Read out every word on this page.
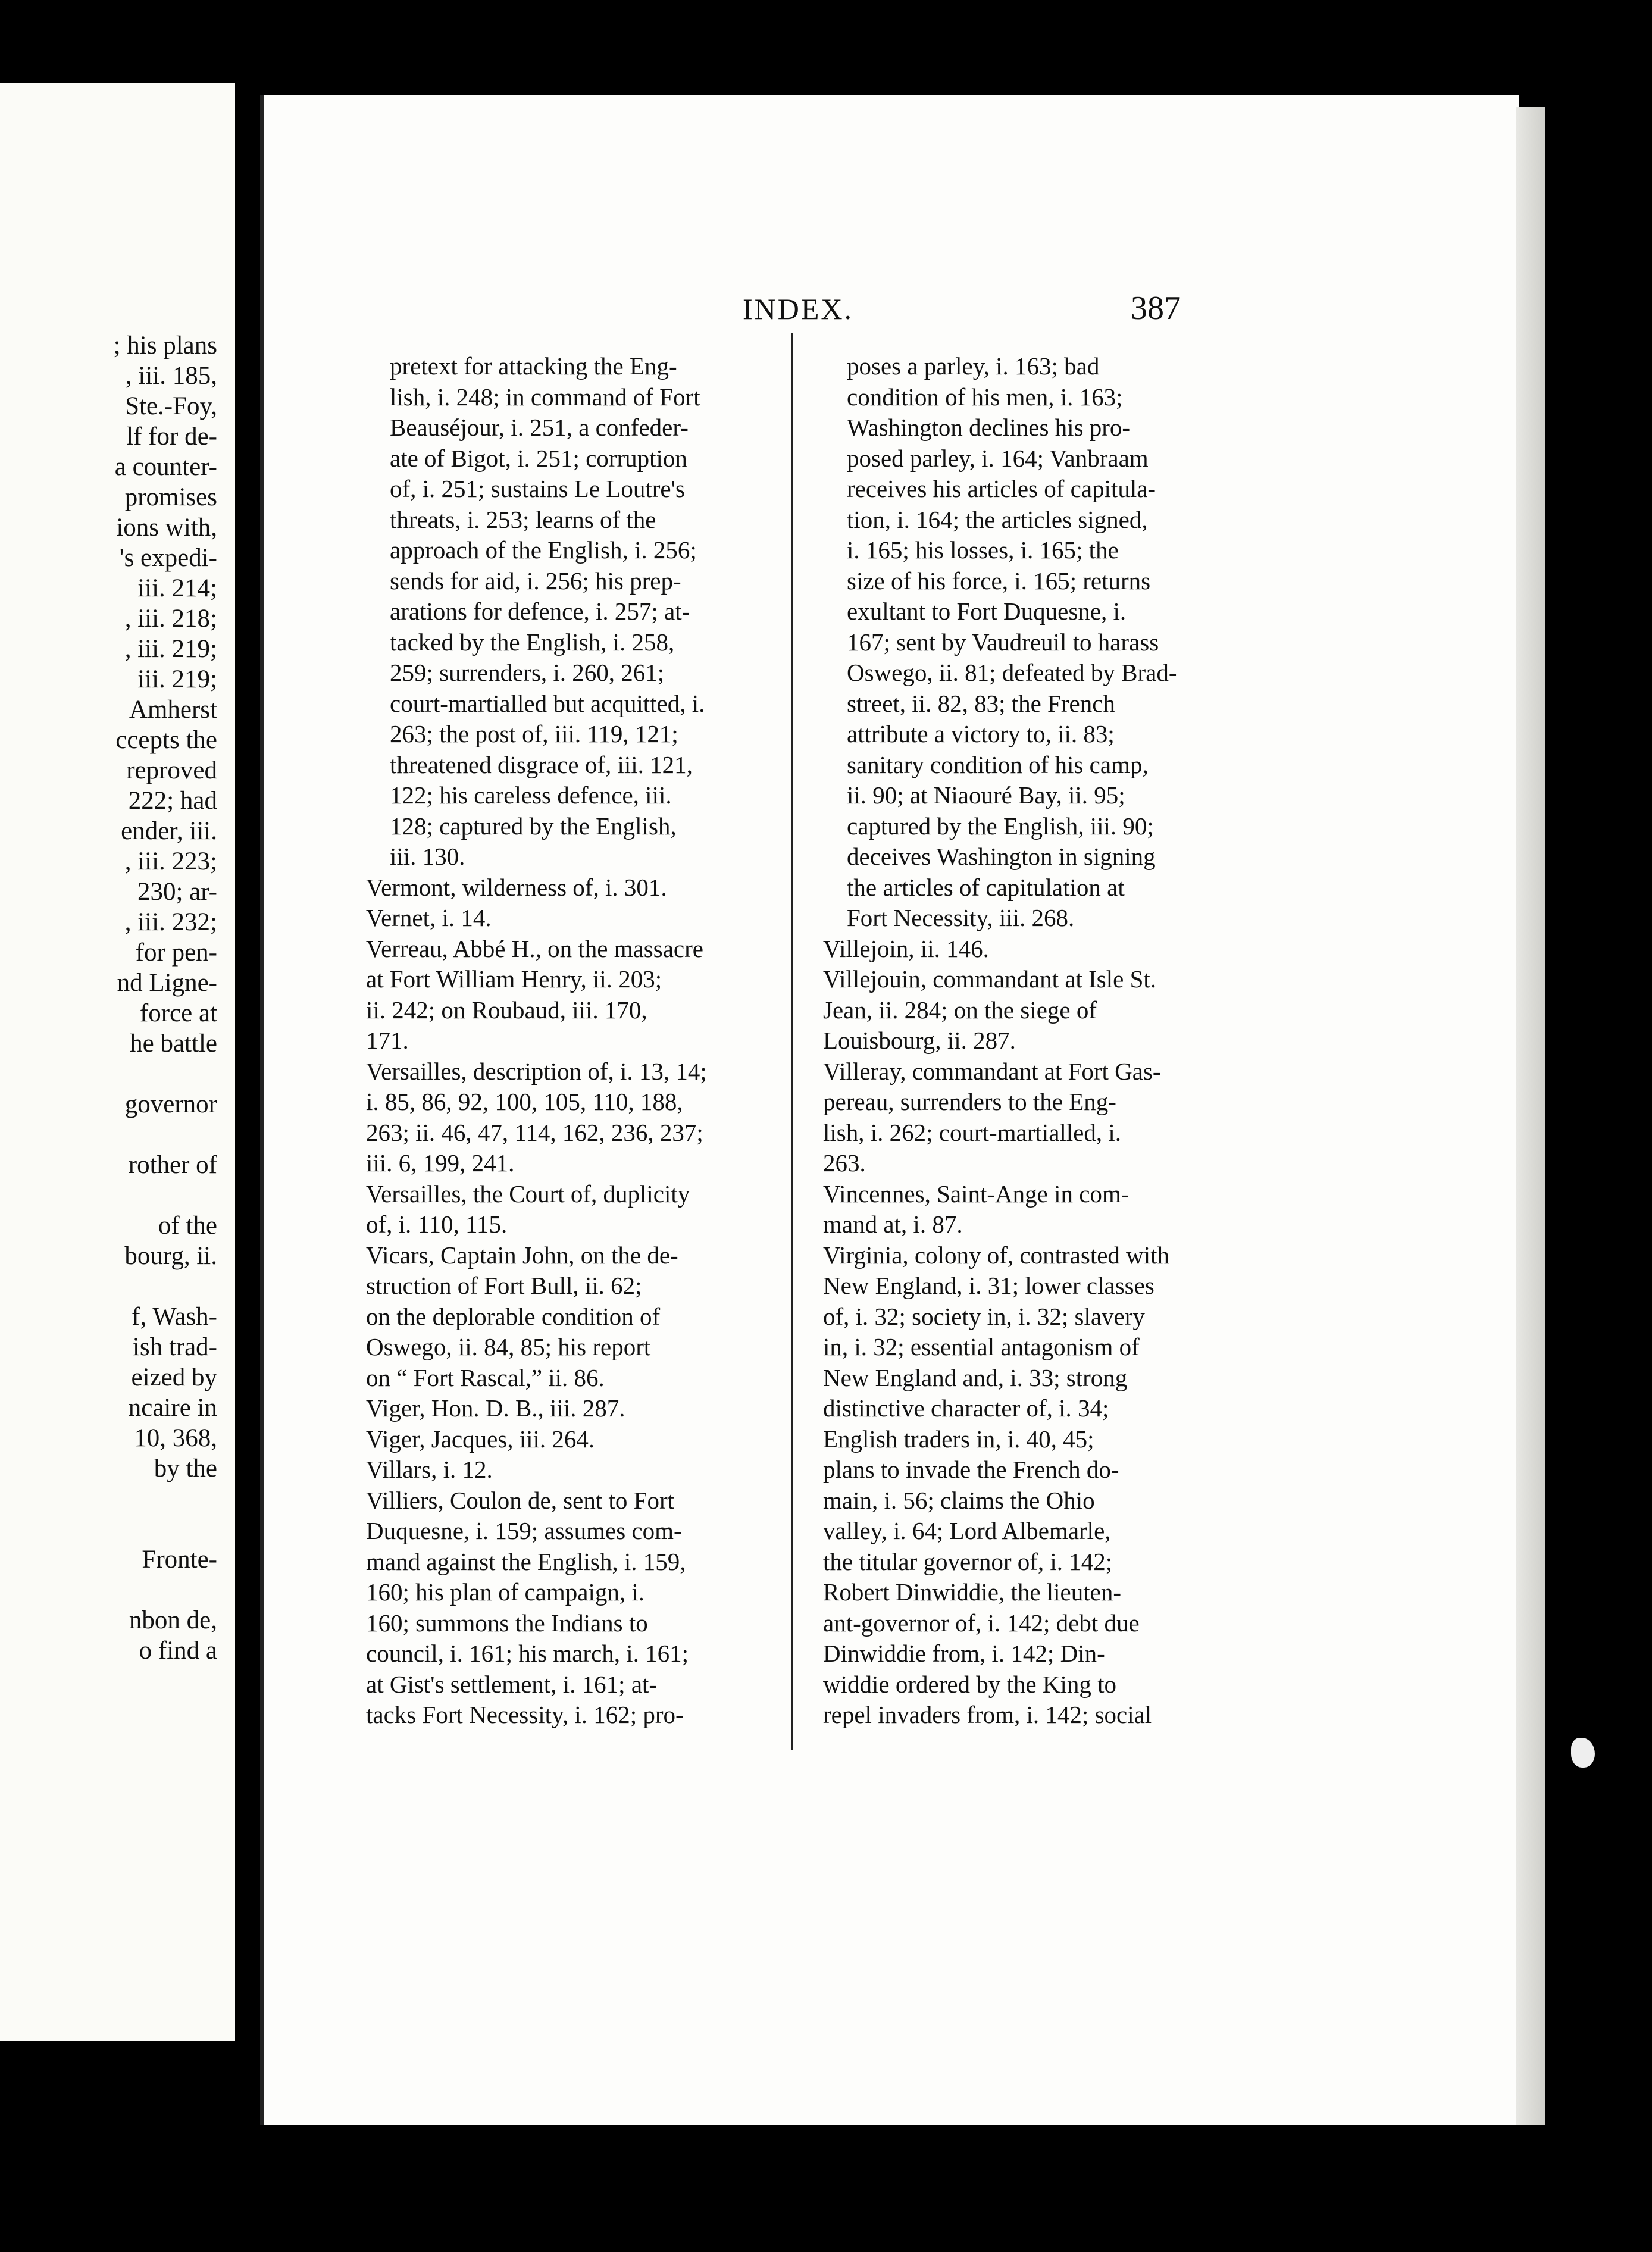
; his plans
, iii. 185,
Ste.-Foy,
lf for de-
a counter-
promises
ions with,
's expedi-
iii. 214;
, iii. 218;
, iii. 219;
iii. 219;
Amherst
ccepts the
reproved
222; had
ender, iii.
, iii. 223;
230; ar-
, iii. 232;
for pen-
nd Ligne-
force at
he battle

governor

rother of

of the
bourg, ii.

f, Wash-
ish trad-
eized by
ncaire in
10, 368,
by the

Fronte-

nbon de,
o find a
INDEX.	387
pretext for attacking the Eng-
lish, i. 248; in command of Fort
Beauséjour, i. 251, a confeder-
ate of Bigot, i. 251; corruption
of, i. 251; sustains Le Loutre's
threats, i. 253; learns of the
approach of the English, i. 256;
sends for aid, i. 256; his prep-
arations for defence, i. 257; at-
tacked by the English, i. 258,
259; surrenders, i. 260, 261;
court-martialled but acquitted, i.
263; the post of, iii. 119, 121;
threatened disgrace of, iii. 121,
122; his careless defence, iii.
128; captured by the English,
iii. 130.
Vermont, wilderness of, i. 301.
Vernet, i. 14.
Verreau, Abbé H., on the massacre
at Fort William Henry, ii. 203;
ii. 242; on Roubaud, iii. 170,
171.
Versailles, description of, i. 13, 14;
i. 85, 86, 92, 100, 105, 110, 188,
263; ii. 46, 47, 114, 162, 236, 237;
iii. 6, 199, 241.
Versailles, the Court of, duplicity
of, i. 110, 115.
Vicars, Captain John, on the de-
struction of Fort Bull, ii. 62;
on the deplorable condition of
Oswego, ii. 84, 85; his report
on “ Fort Rascal,” ii. 86.
Viger, Hon. D. B., iii. 287.
Viger, Jacques, iii. 264.
Villars, i. 12.
Villiers, Coulon de, sent to Fort
Duquesne, i. 159; assumes com-
mand against the English, i. 159,
160; his plan of campaign, i.
160; summons the Indians to
council, i. 161; his march, i. 161;
at Gist's settlement, i. 161; at-
tacks Fort Necessity, i. 162; pro-
poses a parley, i. 163; bad
condition of his men, i. 163;
Washington declines his pro-
posed parley, i. 164; Vanbraam
receives his articles of capitula-
tion, i. 164; the articles signed,
i. 165; his losses, i. 165; the
size of his force, i. 165; returns
exultant to Fort Duquesne, i.
167; sent by Vaudreuil to harass
Oswego, ii. 81; defeated by Brad-
street, ii. 82, 83; the French
attribute a victory to, ii. 83;
sanitary condition of his camp,
ii. 90; at Niaouré Bay, ii. 95;
captured by the English, iii. 90;
deceives Washington in signing
the articles of capitulation at
Fort Necessity, iii. 268.
Villejoin, ii. 146.
Villejouin, commandant at Isle St.
Jean, ii. 284; on the siege of
Louisbourg, ii. 287.
Villeray, commandant at Fort Gas-
pereau, surrenders to the Eng-
lish, i. 262; court-martialled, i.
263.
Vincennes, Saint-Ange in com-
mand at, i. 87.
Virginia, colony of, contrasted with
New England, i. 31; lower classes
of, i. 32; society in, i. 32; slavery
in, i. 32; essential antagonism of
New England and, i. 33; strong
distinctive character of, i. 34;
English traders in, i. 40, 45;
plans to invade the French do-
main, i. 56; claims the Ohio
valley, i. 64; Lord Albemarle,
the titular governor of, i. 142;
Robert Dinwiddie, the lieuten-
ant-governor of, i. 142; debt due
Dinwiddie from, i. 142; Din-
widdie ordered by the King to
repel invaders from, i. 142; social
